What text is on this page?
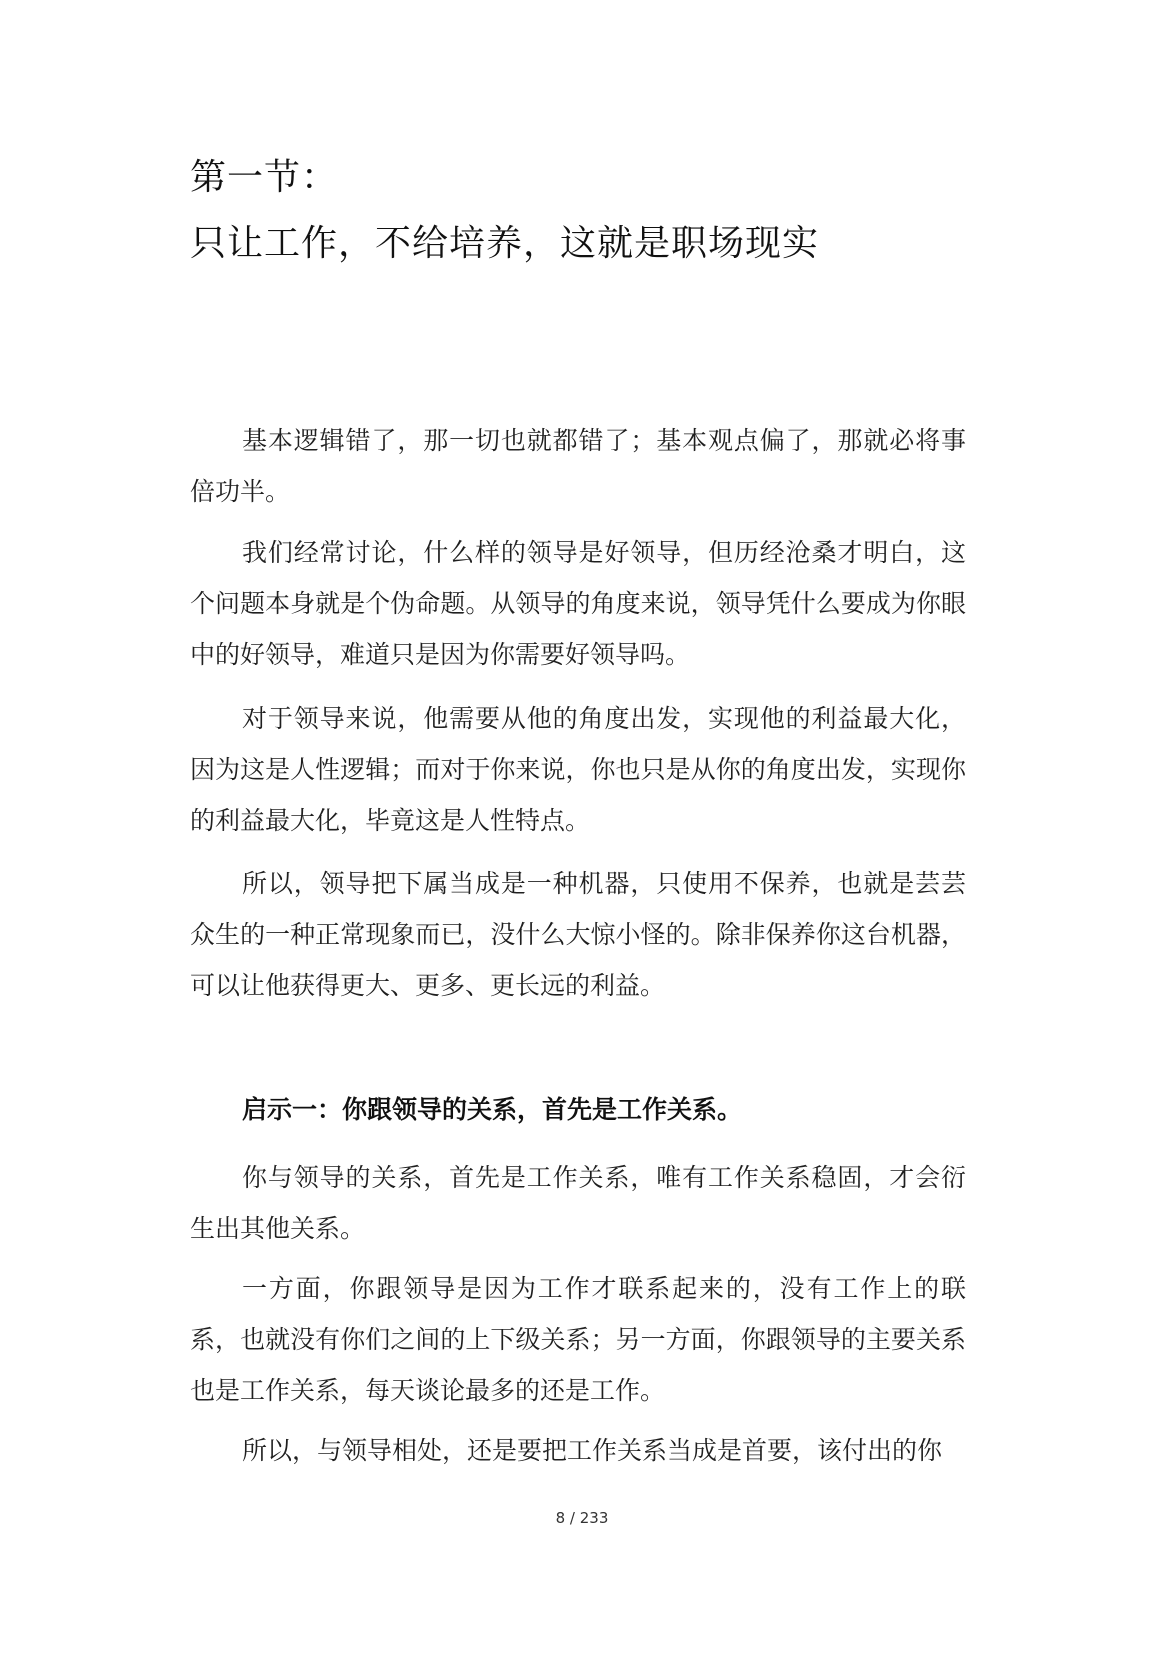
第一节：
只让工作，不给培养，这就是职场现实

基本逻辑错了，那一切也就都错了；基本观点偏了，那就必将事倍功半。

我们经常讨论，什么样的领导是好领导，但历经沧桑才明白，这个问题本身就是个伪命题。从领导的角度来说，领导凭什么要成为你眼中的好领导，难道只是因为你需要好领导吗。

对于领导来说，他需要从他的角度出发，实现他的利益最大化，因为这是人性逻辑；而对于你来说，你也只是从你的角度出发，实现你的利益最大化，毕竟这是人性特点。

所以，领导把下属当成是一种机器，只使用不保养，也就是芸芸众生的一种正常现象而已，没什么大惊小怪的。除非保养你这台机器，可以让他获得更大、更多、更长远的利益。

启示一：你跟领导的关系，首先是工作关系。

你与领导的关系，首先是工作关系，唯有工作关系稳固，才会衍生出其他关系。

一方面，你跟领导是因为工作才联系起来的，没有工作上的联系，也就没有你们之间的上下级关系；另一方面，你跟领导的主要关系也是工作关系，每天谈论最多的还是工作。

所以，与领导相处，还是要把工作关系当成是首要，该付出的你

8 / 233
